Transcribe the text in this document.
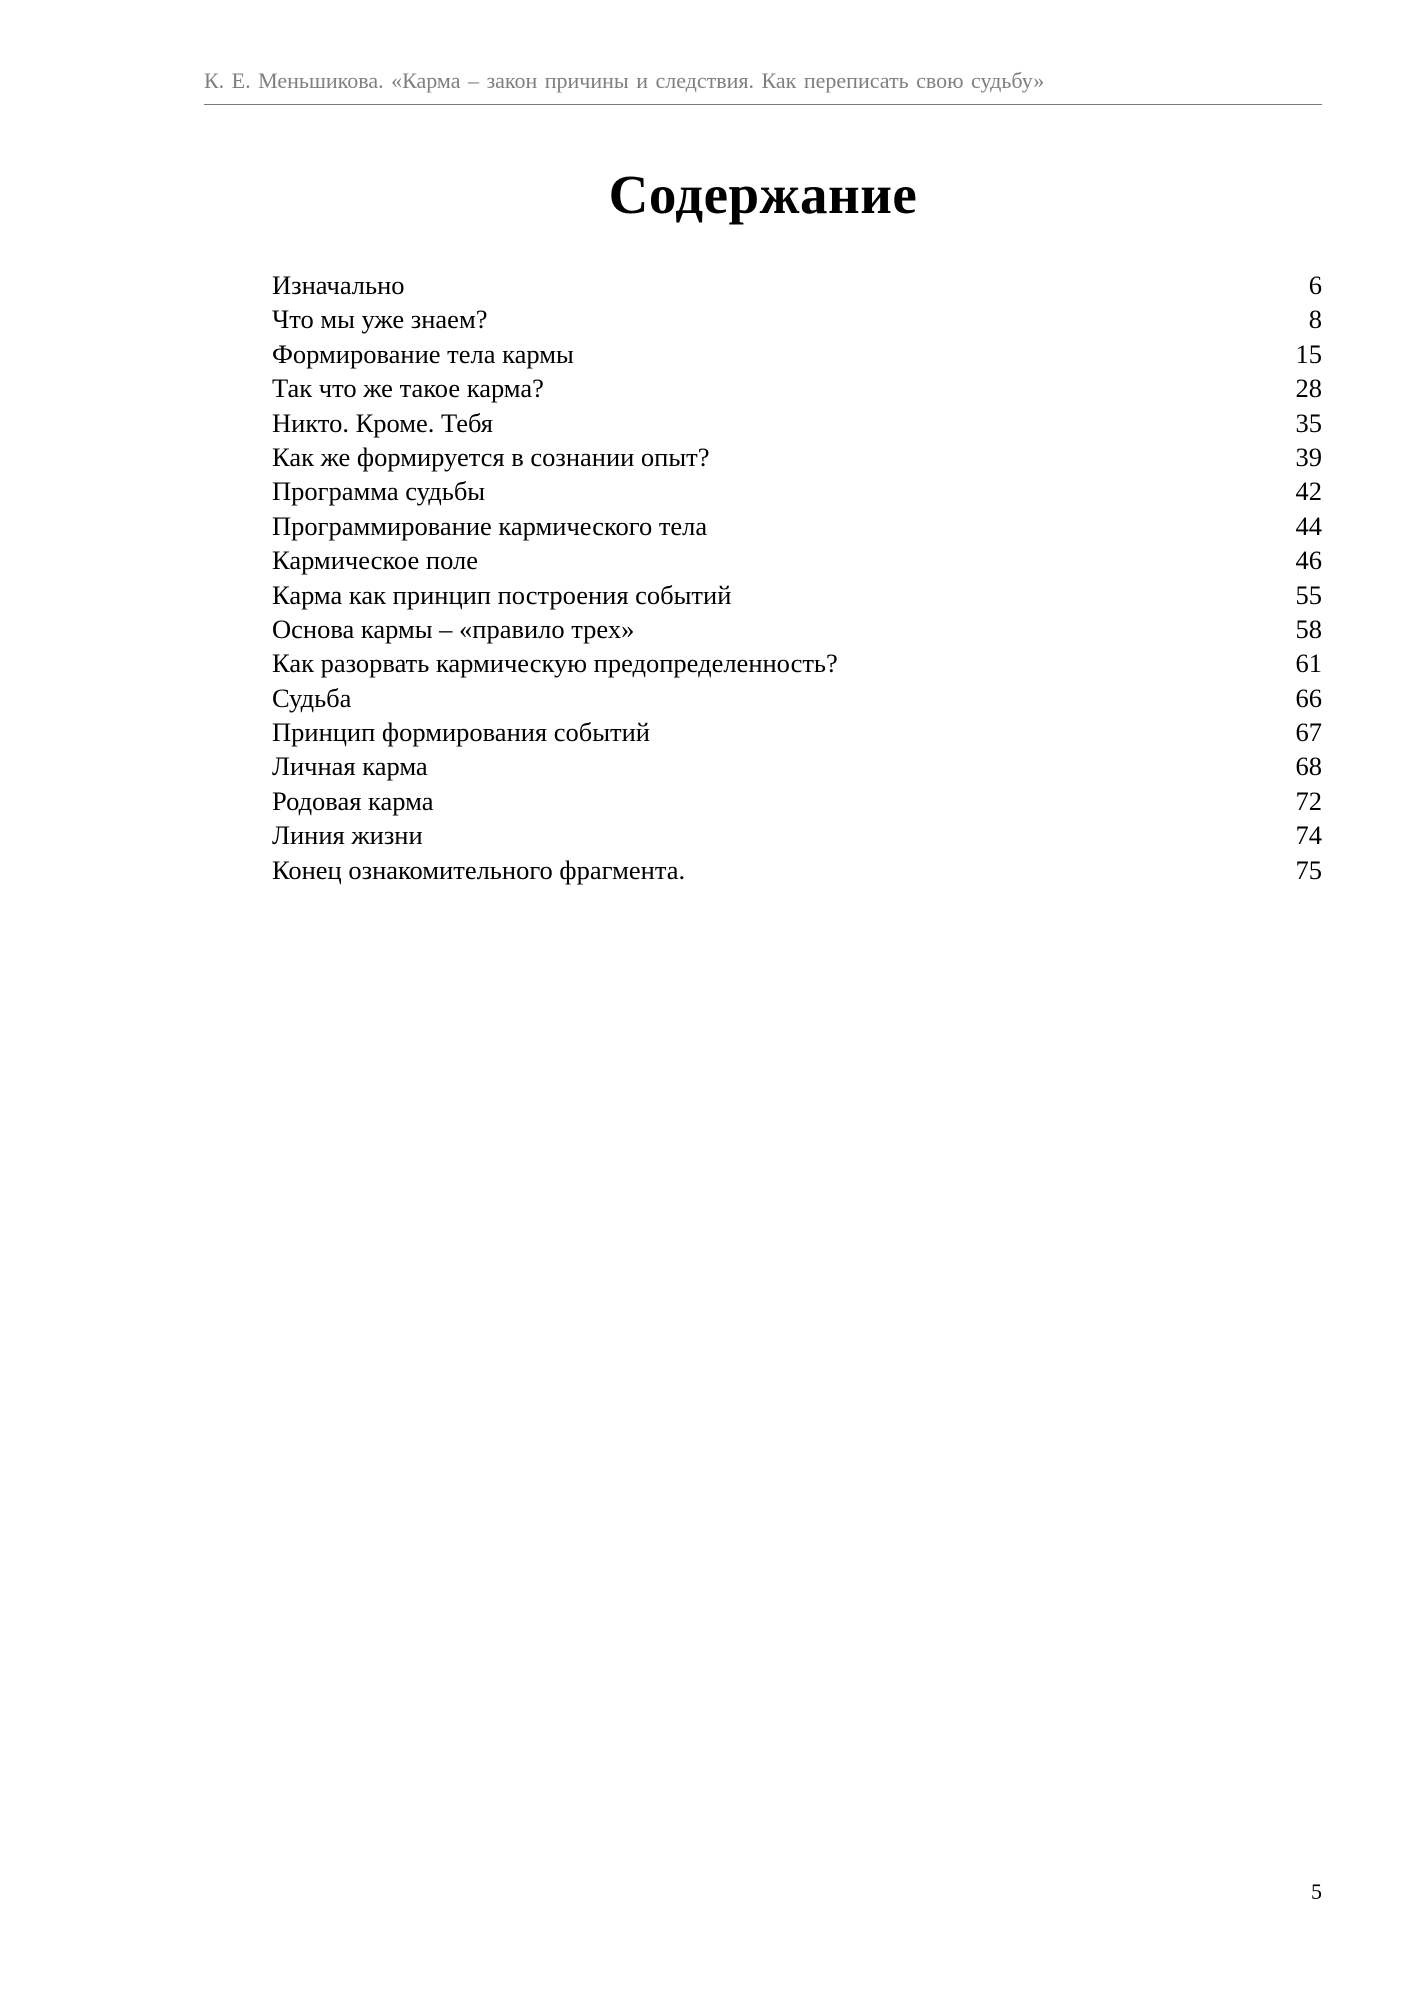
К. Е. Меньшикова. «Карма – закон причины и следствия. Как переписать свою судьбу»
Содержание
Изначально	6
Что мы уже знаем?	8
Формирование тела кармы	15
Так что же такое карма?	28
Никто. Кроме. Тебя	35
Как же формируется в сознании опыт?	39
Программа судьбы	42
Программирование кармического тела	44
Кармическое поле	46
Карма как принцип построения событий	55
Основа кармы – «правило трех»	58
Как разорвать кармическую предопределенность?	61
Судьба	66
Принцип формирования событий	67
Личная карма	68
Родовая карма	72
Линия жизни	74
Конец ознакомительного фрагмента.	75
5
